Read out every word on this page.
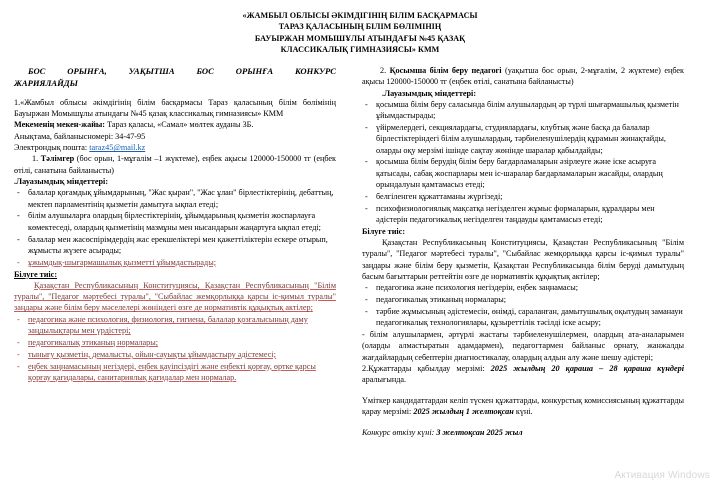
«ЖАМБЫЛ ОБЛЫСЫ ӘКІМДІГІНІҢ БІЛІМ БАСҚАРМАСЫ
ТАРАЗ ҚАЛАСЫНЫҢ БІЛІМ БӨЛІМІНІҢ
БАУЫРЖАН МОМЫШҰЛЫ АТЫНДАҒЫ №45 ҚАЗАҚ
КЛАССИКАЛЫҚ ГИМНАЗИЯСЫ» КММ
БОС ОРЫНҒА, УАҚЫТША БОС ОРЫНҒА КОНКУРС
ЖАРИЯЛАЙДЫ

1.«Жамбыл облысы әкімдігінің білім басқармасы Тараз қаласының білім бөлімінің Бауыржан Момышұлы атындағы №45 қазақ классикалық гимназиясы» КММ

Мекеменің мекен-жайы: Тараз қаласы, «Самал» мөлтек ауданы 3Б.

Анықтама, байланысномері: 34-47-95

Электрондық пошта: taraz45@mail.kz

1. Тәлімгер (бос орын, 1-мұғалім –1 жүктеме), еңбек ақысы 120000-150000 тг (еңбек өтілі, санатына байланысты)

.Лауазымдық міндеттері:

- балалар қоғамдық ұйымдарының, "Жас қыран", "Жас ұлан" бірлестіктерінің, дебаттың, мектеп парламентінің қызметін дамытуға ықпал етеді;
- білім алушыларға олардың бірлестіктерінің, ұйымдарының қызметін жоспарлауға көмектеседі, олардың қызметінің мазмұны мен нысандарын жаңартуға ықпал етеді;
- балалар мен жасөспірімдердің жас ерекшеліктері мен қажеттіліктерін ескере отырып, жұмысты жүзеге асырады;
- ұжымдық-шығармашылық қызметті ұйымдастырады;

Білуге тиіс:

Қазақстан Республикасының Конституциясы, Қазақстан Республикасының "Білім туралы", "Педагог мәртебесі туралы", "Сыбайлас жемқорлыққа қарсы іс-қимыл туралы" заңдары және білім беру мәселелері жөніндегі өзге де нормативтік құқықтық актілер;

- педагогика және психология, физиология, гигиена, балалар қозғалысының даму заңдылықтары мен үрдістері;
- педагогикалық этиканың нормалары;
- тынығу қызметін, демалысты, ойын-сауықты ұйымдастыру әдістемесі;
- еңбек заңнамасының негіздері, еңбек қауіпсіздігі және еңбекті қорғау, өртке қарсы қорғау қағидалары, санитариялық қағидалар мен нормалар.

2. Қосымша білім беру педагогі (уақытша бос орын, 2-мұғалім, 2 жүктеме) еңбек ақысы 120000-150000 тг (еңбек өтілі, санатына байланысты)

.Лауазымдық міндеттері:

- қосымша білім беру саласында білім алушылардың әр түрлі шығармашылық қызметін ұйымдастырады;
- үйірмелердегі, секциялардағы, студиялардағы, клубтық және басқа да балалар бірлестіктеріндегі білім алушылардың, тәрбиеленушілердің құрамын жинақтайды, оларды оқу мерзімі ішінде сақтау жөнінде шаралар қабылдайды;
- қосымша білім берудің білім беру бағдарламаларын әзірлеуге және іске асыруға қатысады, сабақ жоспарлары мен іс-шаралар бағдарламаларын жасайды, олардың орындалуын қамтамасыз етеді;
- белгіленген құжаттаманы жүргізеді;
- психофизиологиялық мақсатқа негізделген жұмыс формаларын, құралдары мен әдістерін педагогикалық негізделген таңдауды қамтамасыз етеді;

Білуге тиіс:

Қазақстан Республикасының Конституциясы, Қазақстан Республикасының "Білім туралы", "Педагог мәртебесі туралы", "Сыбайлас жемқорлыққа қарсы іс-қимыл туралы" заңдары және білім беру қызметін, Қазақстан Республикасында білім беруді дамытудың басым бағыттарын реттейтін өзге де нормативтік құқықтық актілер;

- педагогика және психология негіздерін, еңбек заңнамасы;
- педагогикалық этиканың нормалары;
- тәрбие жұмысының әдістемесін, өнімді, сараланған, дамытушылық оқытудың заманауи педагогикалық технологиялары, құзыреттілік тәсілді іске асыру;

- білім алушылармен, әртүрлі жастағы тәрбиеленушілермен, олардың ата-аналарымен (оларды алмастыратын адамдармен), педагогтармен байланыс орнату, жанжалды жағдайлардың себептерін диагностикалау, олардың алдын алу және шешу әдістері;

2.Құжаттарды қабылдау мерзімі: 2025 жылдың 20 қараша – 28 қараша күндері аралығында.

Үміткер кандидаттардан келіп түскен құжаттарды, конкурстық комиссиясының құжаттарды қарау мерзімі: 2025 жылдың 1 желтоқсан күні.

Конкурс өткізу күні: 3 желтоқсан 2025 жыл

Активация Windows
